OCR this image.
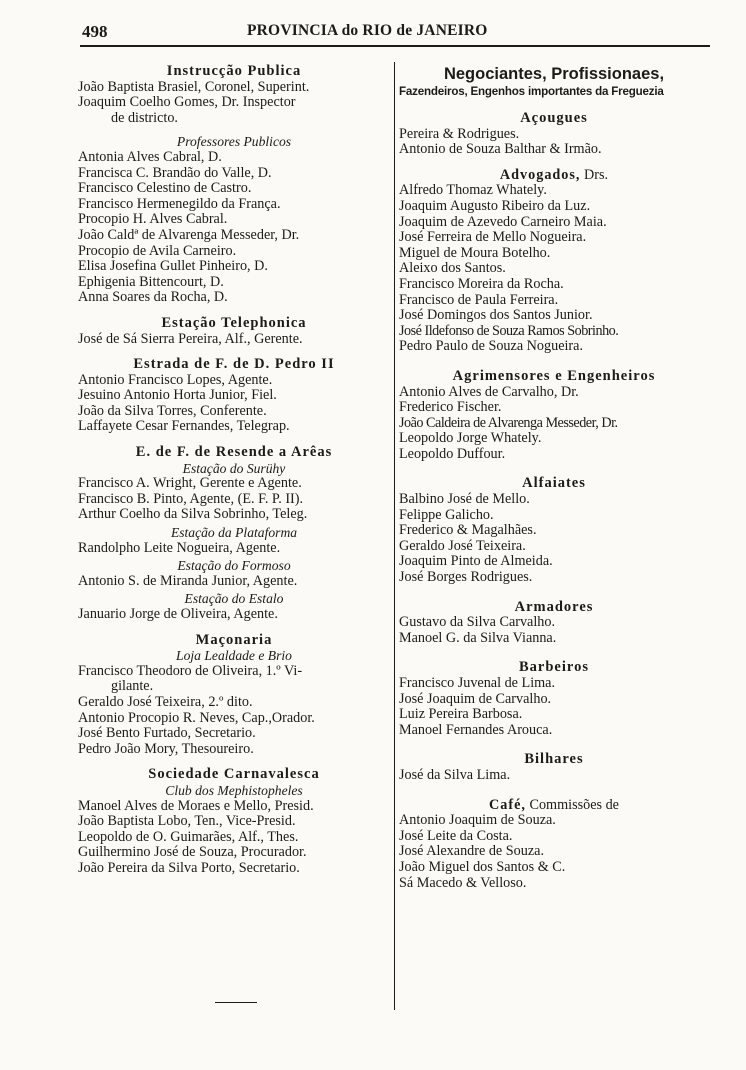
498	PROVINCIA do RIO de JANEIRO
Instrucção Publica
João Baptista Brasiel, Coronel, Superint.
Joaquim Coelho Gomes, Dr. Inspector
de districto.
Professores Publicos
Antonia Alves Cabral, D.
Francisca C. Brandão do Valle, D.
Francisco Celestino de Castro.
Francisco Hermenegildo da França.
Procopio H. Alves Cabral.
João Caldª de Alvarenga Messeder, Dr.
Procopio de Avila Carneiro.
Elisa Josefina Gullet Pinheiro, D.
Ephigenia Bittencourt, D.
Anna Soares da Rocha, D.
Estação Telephonica
José de Sá Sierra Pereira, Alf., Gerente.
Estrada de F. de D. Pedro II
Antonio Francisco Lopes, Agente.
Jesuino Antonio Horta Junior, Fiel.
João da Silva Torres, Conferente.
Laffayete Cesar Fernandes, Telegrap.
E. de F. de Resende a Arêas
Estação do Surühy
Francisco A. Wright, Gerente e Agente.
Francisco B. Pinto, Agente, (E. F. P. II).
Arthur Coelho da Silva Sobrinho, Teleg.
Estação da Plataforma
Randolpho Leite Nogueira, Agente.
Estação do Formoso
Antonio S. de Miranda Junior, Agente.
Estação do Estalo
Januario Jorge de Oliveira, Agente.
Maçonaria
Loja Lealdade e Brio
Francisco Theodoro de Oliveira, 1.º Vi-
gilante.
Geraldo José Teixeira, 2.º dito.
Antonio Procopio R. Neves, Cap.,Orador.
José Bento Furtado, Secretario.
Pedro João Mory, Thesoureiro.
Sociedade Carnavalesca
Club dos Mephistopheles
Manoel Alves de Moraes e Mello, Presid.
João Baptista Lobo, Ten., Vice-Presid.
Leopoldo de O. Guimarães, Alf., Thes.
Guilhermino José de Souza, Procurador.
João Pereira da Silva Porto, Secretario.
Negociantes, Profissionaes,
Fazendeiros, Engenhos importantes da Freguezia
Açougues
Pereira & Rodrigues.
Antonio de Souza Balthar & Irmão.
Advogados, Drs.
Alfredo Thomaz Whately.
Joaquim Augusto Ribeiro da Luz.
Joaquim de Azevedo Carneiro Maia.
José Ferreira de Mello Nogueira.
Miguel de Moura Botelho.
Aleixo dos Santos.
Francisco Moreira da Rocha.
Francisco de Paula Ferreira.
José Domingos dos Santos Junior.
José Ildefonso de Souza Ramos Sobrinho.
Pedro Paulo de Souza Nogueira.
Agrimensores e Engenheiros
Antonio Alves de Carvalho, Dr.
Frederico Fischer.
João Caldeira de Alvarenga Messeder, Dr.
Leopoldo Jorge Whately.
Leopoldo Duffour.
Alfaiates
Balbino José de Mello.
Felippe Galicho.
Frederico & Magalhães.
Geraldo José Teixeira.
Joaquim Pinto de Almeida.
José Borges Rodrigues.
Armadores
Gustavo da Silva Carvalho.
Manoel G. da Silva Vianna.
Barbeiros
Francisco Juvenal de Lima.
José Joaquim de Carvalho.
Luiz Pereira Barbosa.
Manoel Fernandes Arouca.
Bilhares
José da Silva Lima.
Café, Commissões de
Antonio Joaquim de Souza.
José Leite da Costa.
José Alexandre de Souza.
João Miguel dos Santos & C.
Sá Macedo & Velloso.
